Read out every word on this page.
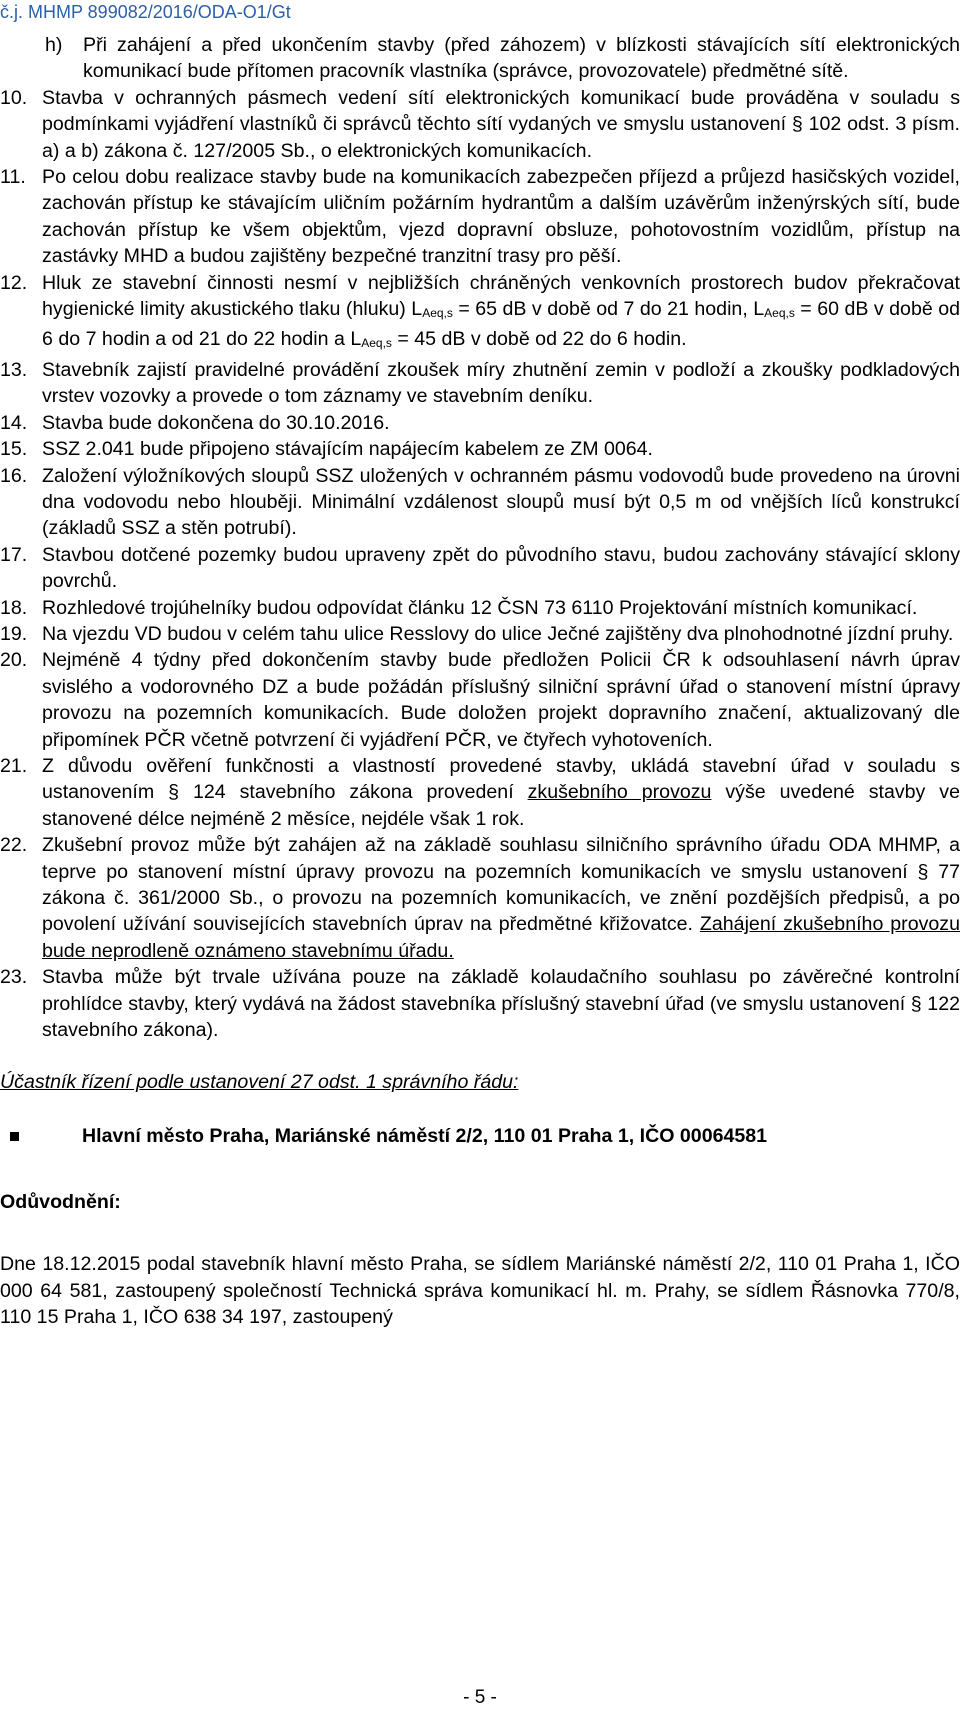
č.j. MHMP 899082/2016/ODA-O1/Gt
h) Při zahájení a před ukončením stavby (před záhozem) v blízkosti stávajících sítí elektronických komunikací bude přítomen pracovník vlastníka (správce, provozovatele) předmětné sítě.
10. Stavba v ochranných pásmech vedení sítí elektronických komunikací bude prováděna v souladu s podmínkami vyjádření vlastníků či správců těchto sítí vydaných ve smyslu ustanovení § 102 odst. 3 písm. a) a b) zákona č. 127/2005 Sb., o elektronických komunikacích.
11. Po celou dobu realizace stavby bude na komunikacích zabezpečen příjezd a průjezd hasičských vozidel, zachován přístup ke stávajícím uličním požárním hydrantům a dalším uzávěrům inženýrských sítí, bude zachován přístup ke všem objektům, vjezd dopravní obsluze, pohotovostním vozidlům, přístup na zastávky MHD a budou zajištěny bezpečné tranzitní trasy pro pěší.
12. Hluk ze stavební činnosti nesmí v nejbližších chráněných venkovních prostorech budov překračovat hygienické limity akustického tlaku (hluku) $L_{Aeq,s} = 65$ dB v době od 7 do 21 hodin, $L_{Aeq,s} = 60$ dB v době od 6 do 7 hodin a od 21 do 22 hodin a $L_{Aeq,s} = 45$ dB v době od 22 do 6 hodin.
13. Stavebník zajistí pravidelné provádění zkoušek míry zhutnění zemin v podloží a zkoušky podkladových vrstev vozovky a provede o tom záznamy ve stavebním deníku.
14. Stavba bude dokončena do 30.10.2016.
15. SSZ 2.041 bude připojeno stávajícím napájecím kabelem ze ZM 0064.
16. Založení výložníkových sloupů SSZ uložených v ochranném pásmu vodovodů bude provedeno na úrovni dna vodovodu nebo hlouběji. Minimální vzdálenost sloupů musí být 0,5 m od vnějších líců konstrukcí (základů SSZ a stěn potrubí).
17. Stavbou dotčené pozemky budou upraveny zpět do původního stavu, budou zachovány stávající sklony povrchů.
18. Rozhledové trojúhelníky budou odpovídat článku 12 ČSN 73 6110 Projektování místních komunikací.
19. Na vjezdu VD budou v celém tahu ulice Resslovy do ulice Ječné zajištěny dva plnohodnotné jízdní pruhy.
20. Nejméně 4 týdny před dokončením stavby bude předložen Policii ČR k odsouhlasení návrh úprav svislého a vodorovného DZ a bude požádán příslušný silniční správní úřad o stanovení místní úpravy provozu na pozemních komunikacích. Bude doložen projekt dopravního značení, aktualizovaný dle připomínek PČR včetně potvrzení či vyjádření PČR, ve čtyřech vyhotoveních.
21. Z důvodu ověření funkčnosti a vlastností provedené stavby, ukládá stavební úřad v souladu s ustanovením § 124 stavebního zákona provedení zkušebního provozu výše uvedené stavby ve stanovené délce nejméně 2 měsíce, nejdéle však 1 rok.
22. Zkušební provoz může být zahájen až na základě souhlasu silničního správního úřadu ODA MHMP, a teprve po stanovení místní úpravy provozu na pozemních komunikacích ve smyslu ustanovení § 77 zákona č. 361/2000 Sb., o provozu na pozemních komunikacích, ve znění pozdějších předpisů, a po povolení užívání souvisejících stavebních úprav na předmětné křižovatce. Zahájení zkušebního provozu bude neprodleně oznámeno stavebnímu úřadu.
23. Stavba může být trvale užívána pouze na základě kolaudačního souhlasu po závěrečné kontrolní prohlídce stavby, který vydává na žádost stavebníka příslušný stavební úřad (ve smyslu ustanovení § 122 stavebního zákona).
Účastník řízení podle ustanovení 27 odst. 1 správního řádu:
Hlavní město Praha, Mariánské náměstí 2/2, 110 01 Praha 1, IČO 00064581
Odůvodnění:
Dne 18.12.2015 podal stavebník hlavní město Praha, se sídlem Mariánské náměstí 2/2, 110 01 Praha 1, IČO 000 64 581, zastoupený společností Technická správa komunikací hl. m. Prahy, se sídlem Řásnovka 770/8, 110 15 Praha 1, IČO 638 34 197, zastoupený
- 5 -
